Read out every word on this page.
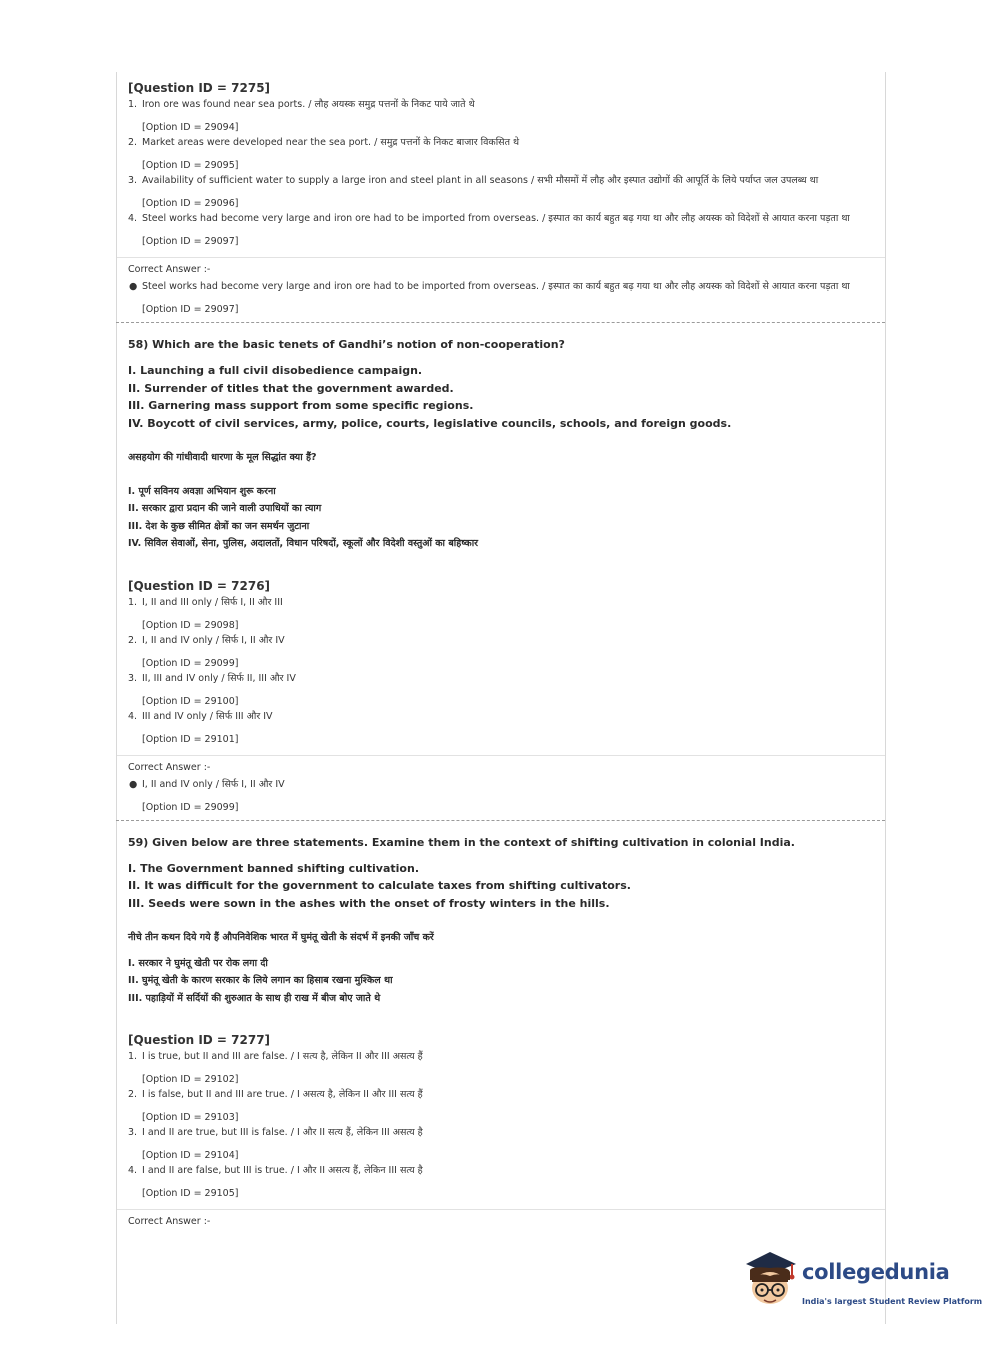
[Question ID = 7275]
1. Iron ore was found near sea ports. / लौह अयस्क समुद्र पत्तनों के निकट पाये जाते थे
[Option ID = 29094]
2. Market areas were developed near the sea port. / समुद्र पत्तनों के निकट बाजार विकसित थे
[Option ID = 29095]
3. Availability of sufficient water to supply a large iron and steel plant in all seasons / सभी मौसमों में लौह और इस्पात उद्योगों की आपूर्ति के लिये पर्याप्त जल उपलब्ध था
[Option ID = 29096]
4. Steel works had become very large and iron ore had to be imported from overseas. / इस्पात का कार्य बहुत बढ़ गया था और लौह अयस्क को विदेशों से आयात करना पड़ता था
[Option ID = 29097]
Correct Answer :-
● Steel works had become very large and iron ore had to be imported from overseas. / इस्पात का कार्य बहुत बढ़ गया था और लौह अयस्क को विदेशों से आयात करना पड़ता था
[Option ID = 29097]
58) Which are the basic tenets of Gandhi’s notion of non-cooperation?
I. Launching a full civil disobedience campaign.
II. Surrender of titles that the government awarded.
III. Garnering mass support from some specific regions.
IV. Boycott of civil services, army, police, courts, legislative councils, schools, and foreign goods.
असहयोग की गांधीवादी धारणा के मूल सिद्धांत क्या हैं?
I. पूर्ण सविनय अवज्ञा अभियान शुरू करना
II. सरकार द्वारा प्रदान की जाने वाली उपाधियों का त्याग
III. देश के कुछ सीमित क्षेत्रों का जन समर्थन जुटाना
IV. सिविल सेवाओं, सेना, पुलिस, अदालतों, विधान परिषदों, स्कूलों और विदेशी वस्तुओं का बहिष्कार
[Question ID = 7276]
1. I, II and III only / सिर्फ I, II और III
[Option ID = 29098]
2. I, II and IV only / सिर्फ I, II और IV
[Option ID = 29099]
3. II, III and IV only / सिर्फ II, III और IV
[Option ID = 29100]
4. III and IV only / सिर्फ III और IV
[Option ID = 29101]
Correct Answer :-
● I, II and IV only / सिर्फ I, II और IV
[Option ID = 29099]
59) Given below are three statements. Examine them in the context of shifting cultivation in colonial India.
I. The Government banned shifting cultivation.
II. It was difficult for the government to calculate taxes from shifting cultivators.
III. Seeds were sown in the ashes with the onset of frosty winters in the hills.
नीचे तीन कथन दिये गये हैं औपनिवेशिक भारत में घुमंतू खेती के संदर्भ में इनकी जाँच करें
I. सरकार ने घुमंतू खेती पर रोक लगा दी
II. घुमंतू खेती के कारण सरकार के लिये लगान का हिसाब रखना मुश्किल था
III. पहाड़ियों में सर्दियों की शुरुआत के साथ ही राख में बीज बोए जाते थे
[Question ID = 7277]
1. I is true, but II and III are false. / I सत्य है, लेकिन II और III असत्य हैं
[Option ID = 29102]
2. I is false, but II and III are true. / I असत्य है, लेकिन II और III सत्य हैं
[Option ID = 29103]
3. I and II are true, but III is false. / I और II सत्य हैं, लेकिन III असत्य है
[Option ID = 29104]
4. I and II are false, but III is true. / I और II असत्य हैं, लेकिन III सत्य है
[Option ID = 29105]
Correct Answer :-
collegedunia
India's largest Student Review Platform
